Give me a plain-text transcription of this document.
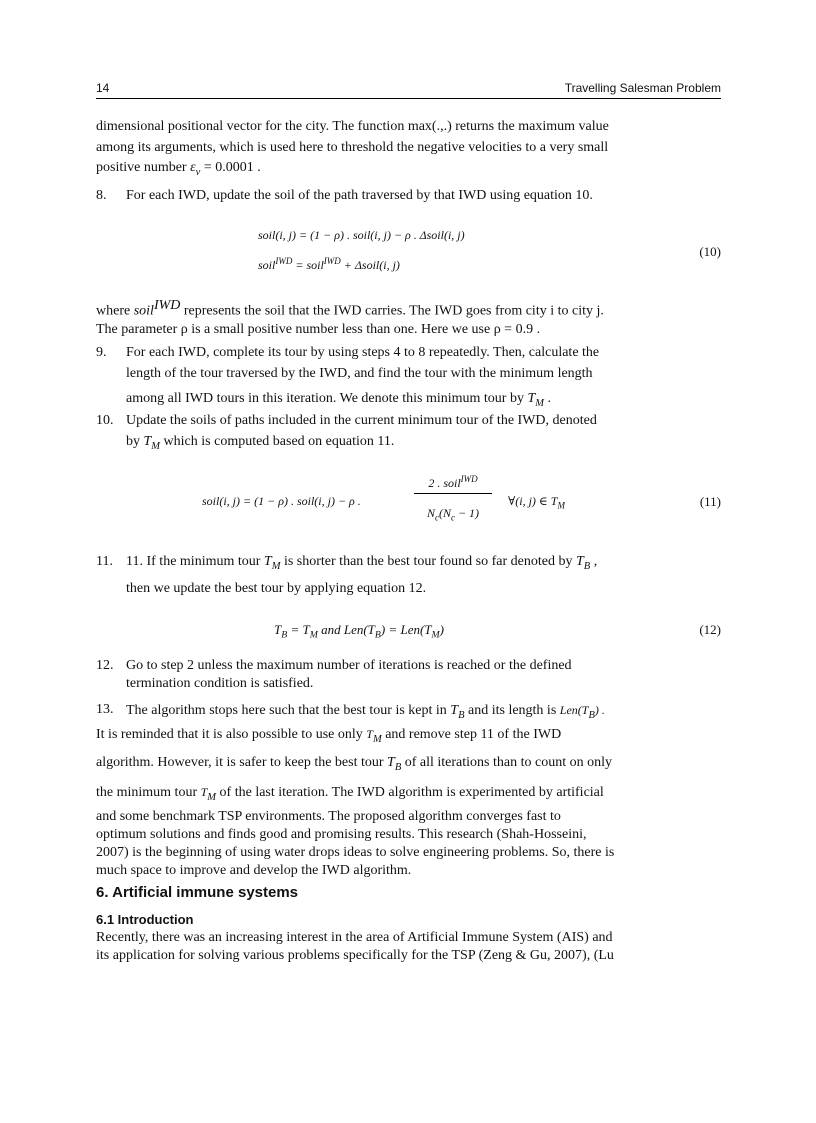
14	Travelling Salesman Problem

dimensional positional vector for the city. The function max(.,.) returns the maximum value

among its arguments, which is used here to threshold the negative velocities to a very small

positive number $\varepsilon_v = 0.0001$ .

8. For each IWD, update the soil of the path traversed by that IWD using equation 10.
soil(i, j) = (1 − ρ) . soil(i, j) − ρ . Δsoil(i, j)
soil$^{IWD}$ = soil$^{IWD}$ + Δsoil(i, j)
(10)

where soil$^{IWD}$ represents the soil that the IWD carries. The IWD goes from city i to city j.

The parameter ρ is a small positive number less than one. Here we use ρ = 0.9 .

9. For each IWD, complete its tour by using steps 4 to 8 repeatedly. Then, calculate the
length of the tour traversed by the IWD, and find the tour with the minimum length
among all IWD tours in this iteration. We denote this minimum tour by $T_M$ .
10. Update the soils of paths included in the current minimum tour of the IWD, denoted
by $T_M$ which is computed based on equation 11.
soil(i, j) = (1 − ρ) . soil(i, j) − ρ .
2 . soil$^{IWD}$
$N_c(N_c - 1)$
∀(i, j) ∈ $T_M$	(11)
11. 11. If the minimum tour $T_M$ is shorter than the best tour found so far denoted by $T_B$ ,
then we update the best tour by applying equation 12.
$T_B = T_M$ and $Len(T_B) = Len(T_M)$	(12)
12. Go to step 2 unless the maximum number of iterations is reached or the defined
termination condition is satisfied.
13. The algorithm stops here such that the best tour is kept in $T_B$ and its length is $Len(T_B)$ .

It is reminded that it is also possible to use only $T_M$ and remove step 11 of the IWD

algorithm. However, it is safer to keep the best tour $T_B$ of all iterations than to count on only

the minimum tour $T_M$ of the last iteration. The IWD algorithm is experimented by artificial

and some benchmark TSP environments. The proposed algorithm converges fast to

optimum solutions and finds good and promising results. This research (Shah-Hosseini,

2007) is the beginning of using water drops ideas to solve engineering problems. So, there is

much space to improve and develop the IWD algorithm.

6. Artificial immune systems
6.1 Introduction

Recently, there was an increasing interest in the area of Artificial Immune System (AIS) and

its application for solving various problems specifically for the TSP (Zeng & Gu, 2007), (Lu
